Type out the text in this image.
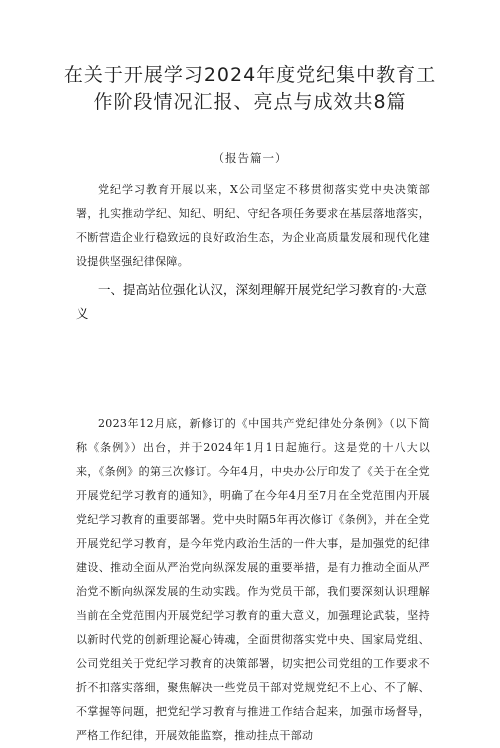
在关于开展学习2024年度党纪集中教育工作阶段情况汇报、亮点与成效共8篇
（报告篇一）

党纪学习教育开展以来，X公司坚定不移贯彻落实党中央决策部署，扎实推动学纪、知纪、明纪、守纪各项任务要求在基层落地落实，不断营造企业行稳致远的良好政治生态，为企业高质量发展和现代化建设提供坚强纪律保障。

一、提高站位强化认汉，深刻理解开展党纪学习教育的·大意义

2023年12月底，新修订的《中国共产党纪律处分条例》（以下简称《条例》）出台，并于2024年1月1日起施行。这是党的十八大以来，《条例》的第三次修订。今年4月，中央办公厅印发了《关于在全党开展党纪学习教育的通知》，明确了在今年4月至7月在全党范围内开展党纪学习教育的重要部署。党中央时隔5年再次修订《条例》，并在全党开展党纪学习教育，是今年党内政治生活的一件大事，是加强党的纪律建设、推动全面从严治党向纵深发展的重要举措，是有力推动全面从严治党不断向纵深发展的生动实践。作为党员干部，我们要深刻认识理解当前在全党范围内开展党纪学习教育的重大意义，加强理论武装，坚持以新时代党的创新理论凝心铸魂，全面贯彻落实党中央、国家局党组、公司党组关于党纪学习教育的决策部署，切实把公司党组的工作要求不折不扣落实落细，聚焦解决一些党员干部对党规党纪不上心、不了解、不掌握等问题，把党纪学习教育与推进工作结合起来，加强市场督导，严格工作纪律，开展效能监察，推动挂点干部动
